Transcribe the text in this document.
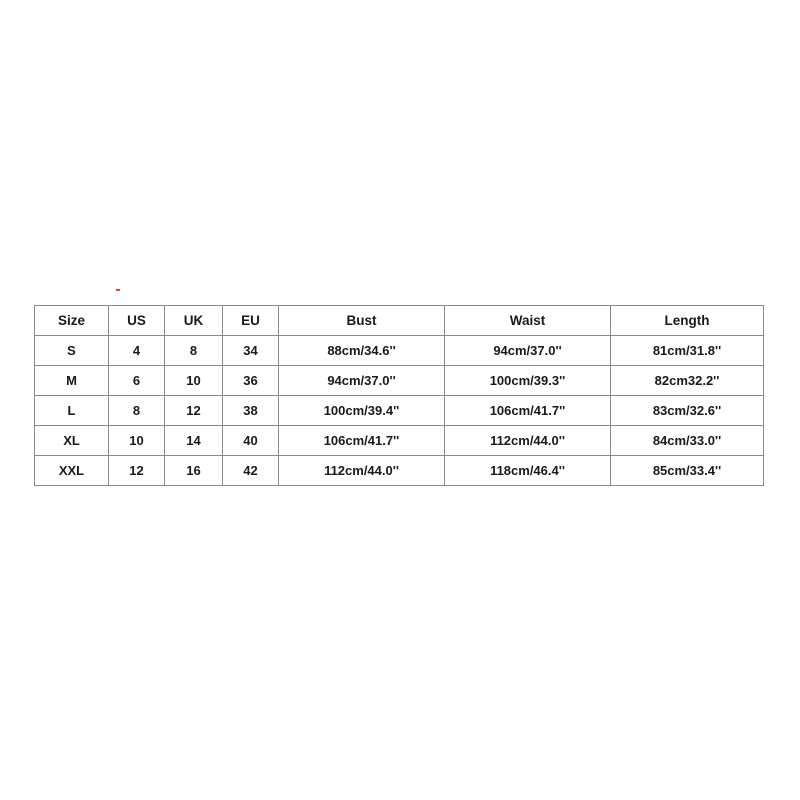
Size	US	UK	EU	Bust	Waist	Length
S	4	8	34	88cm/34.6''	94cm/37.0''	81cm/31.8''
M	6	10	36	94cm/37.0''	100cm/39.3''	82cm32.2''
L	8	12	38	100cm/39.4''	106cm/41.7''	83cm/32.6''
XL	10	14	40	106cm/41.7''	112cm/44.0''	84cm/33.0''
XXL	12	16	42	112cm/44.0''	118cm/46.4''	85cm/33.4''
